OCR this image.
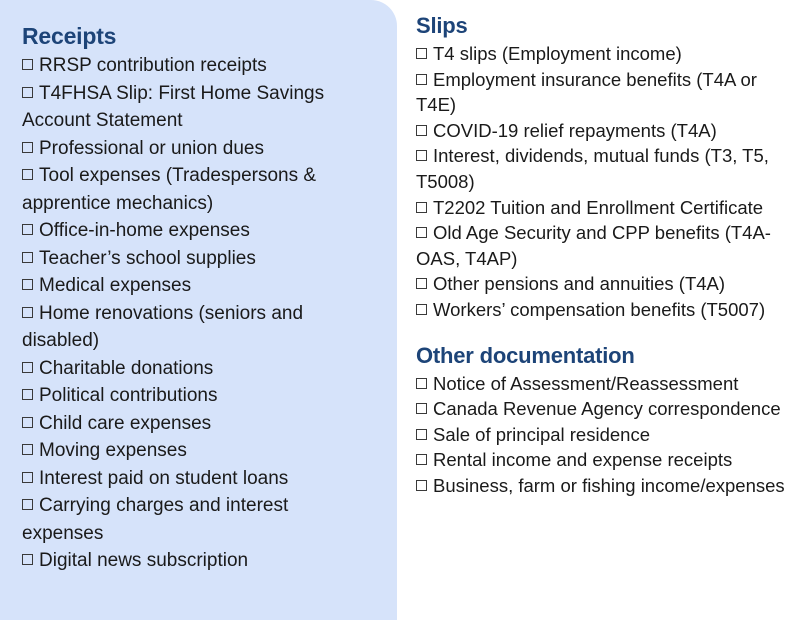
Receipts
RRSP contribution receipts
T4FHSA Slip: First Home Savings Account Statement
Professional or union dues
Tool expenses (Tradespersons & apprentice mechanics)
Office-in-home expenses
Teacher’s school supplies
Medical expenses
Home renovations (seniors and disabled)
Charitable donations
Political contributions
Child care expenses
Moving expenses
Interest paid on student loans
Carrying charges and interest expenses
Digital news subscription
Slips
T4 slips (Employment income)
Employment insurance benefits (T4A or T4E)
COVID-19 relief repayments (T4A)
Interest, dividends, mutual funds (T3, T5, T5008)
T2202 Tuition and Enrollment Certificate
Old Age Security and CPP benefits (T4A-OAS, T4AP)
Other pensions and annuities (T4A)
Workers’ compensation benefits (T5007)
Other documentation
Notice of Assessment/Reassessment
Canada Revenue Agency correspondence
Sale of principal residence
Rental income and expense receipts
Business, farm or fishing income/expenses
